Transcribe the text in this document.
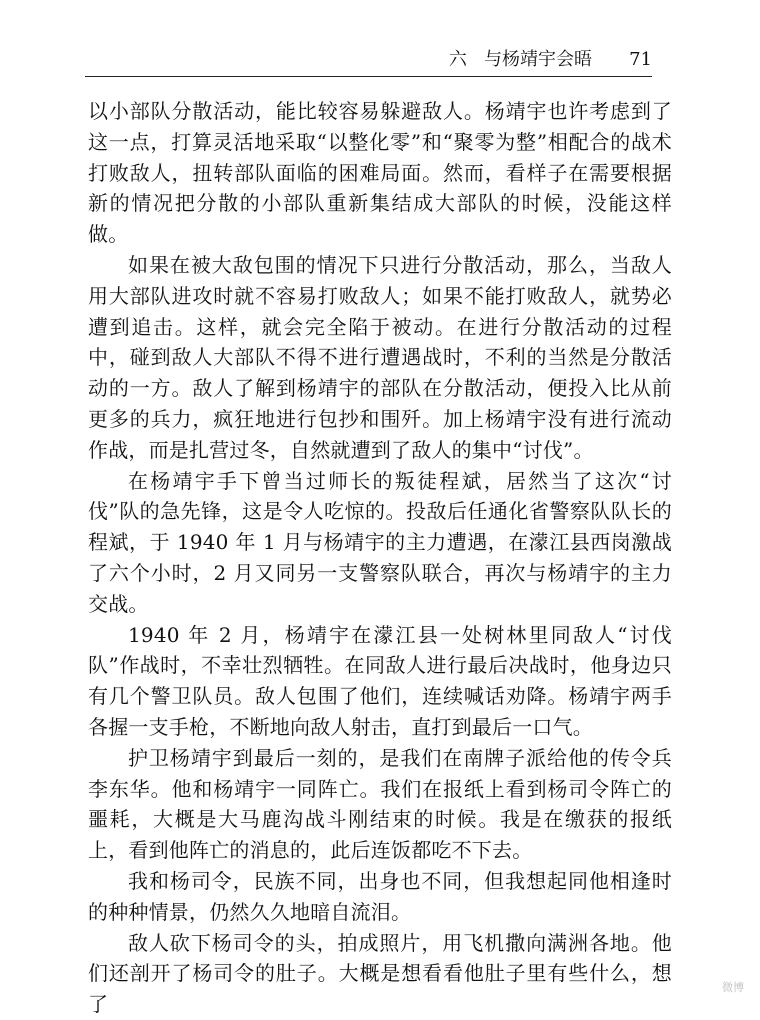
六   与杨靖宇会晤 71

以小部队分散活动，能比较容易躲避敌人。杨靖宇也许考虑到了这一点，打算灵活地采取“以整化零”和“聚零为整”相配合的战术打败敌人，扭转部队面临的困难局面。然而，看样子在需要根据新的情况把分散的小部队重新集结成大部队的时候，没能这样做。

如果在被大敌包围的情况下只进行分散活动，那么，当敌人用大部队进攻时就不容易打败敌人；如果不能打败敌人，就势必遭到追击。这样，就会完全陷于被动。在进行分散活动的过程中，碰到敌人大部队不得不进行遭遇战时，不利的当然是分散活动的一方。敌人了解到杨靖宇的部队在分散活动，便投入比从前更多的兵力，疯狂地进行包抄和围歼。加上杨靖宇没有进行流动作战，而是扎营过冬，自然就遭到了敌人的集中“讨伐”。

在杨靖宇手下曾当过师长的叛徒程斌，居然当了这次“讨伐”队的急先锋，这是令人吃惊的。投敌后任通化省警察队队长的程斌，于 1940 年 1 月与杨靖宇的主力遭遇，在濛江县西岗激战了六个小时，2 月又同另一支警察队联合，再次与杨靖宇的主力交战。

1940 年 2 月，杨靖宇在濛江县一处树林里同敌人“讨伐队”作战时，不幸壮烈牺牲。在同敌人进行最后决战时，他身边只有几个警卫队员。敌人包围了他们，连续喊话劝降。杨靖宇两手各握一支手枪，不断地向敌人射击，直打到最后一口气。

护卫杨靖宇到最后一刻的，是我们在南牌子派给他的传令兵李东华。他和杨靖宇一同阵亡。我们在报纸上看到杨司令阵亡的噩耗，大概是大马鹿沟战斗刚结束的时候。我是在缴获的报纸上，看到他阵亡的消息的，此后连饭都吃不下去。

我和杨司令，民族不同，出身也不同，但我想起同他相逢时的种种情景，仍然久久地暗自流泪。

敌人砍下杨司令的头，拍成照片，用飞机撒向满洲各地。他们还剖开了杨司令的肚子。大概是想看看他肚子里有些什么，想了

微博
